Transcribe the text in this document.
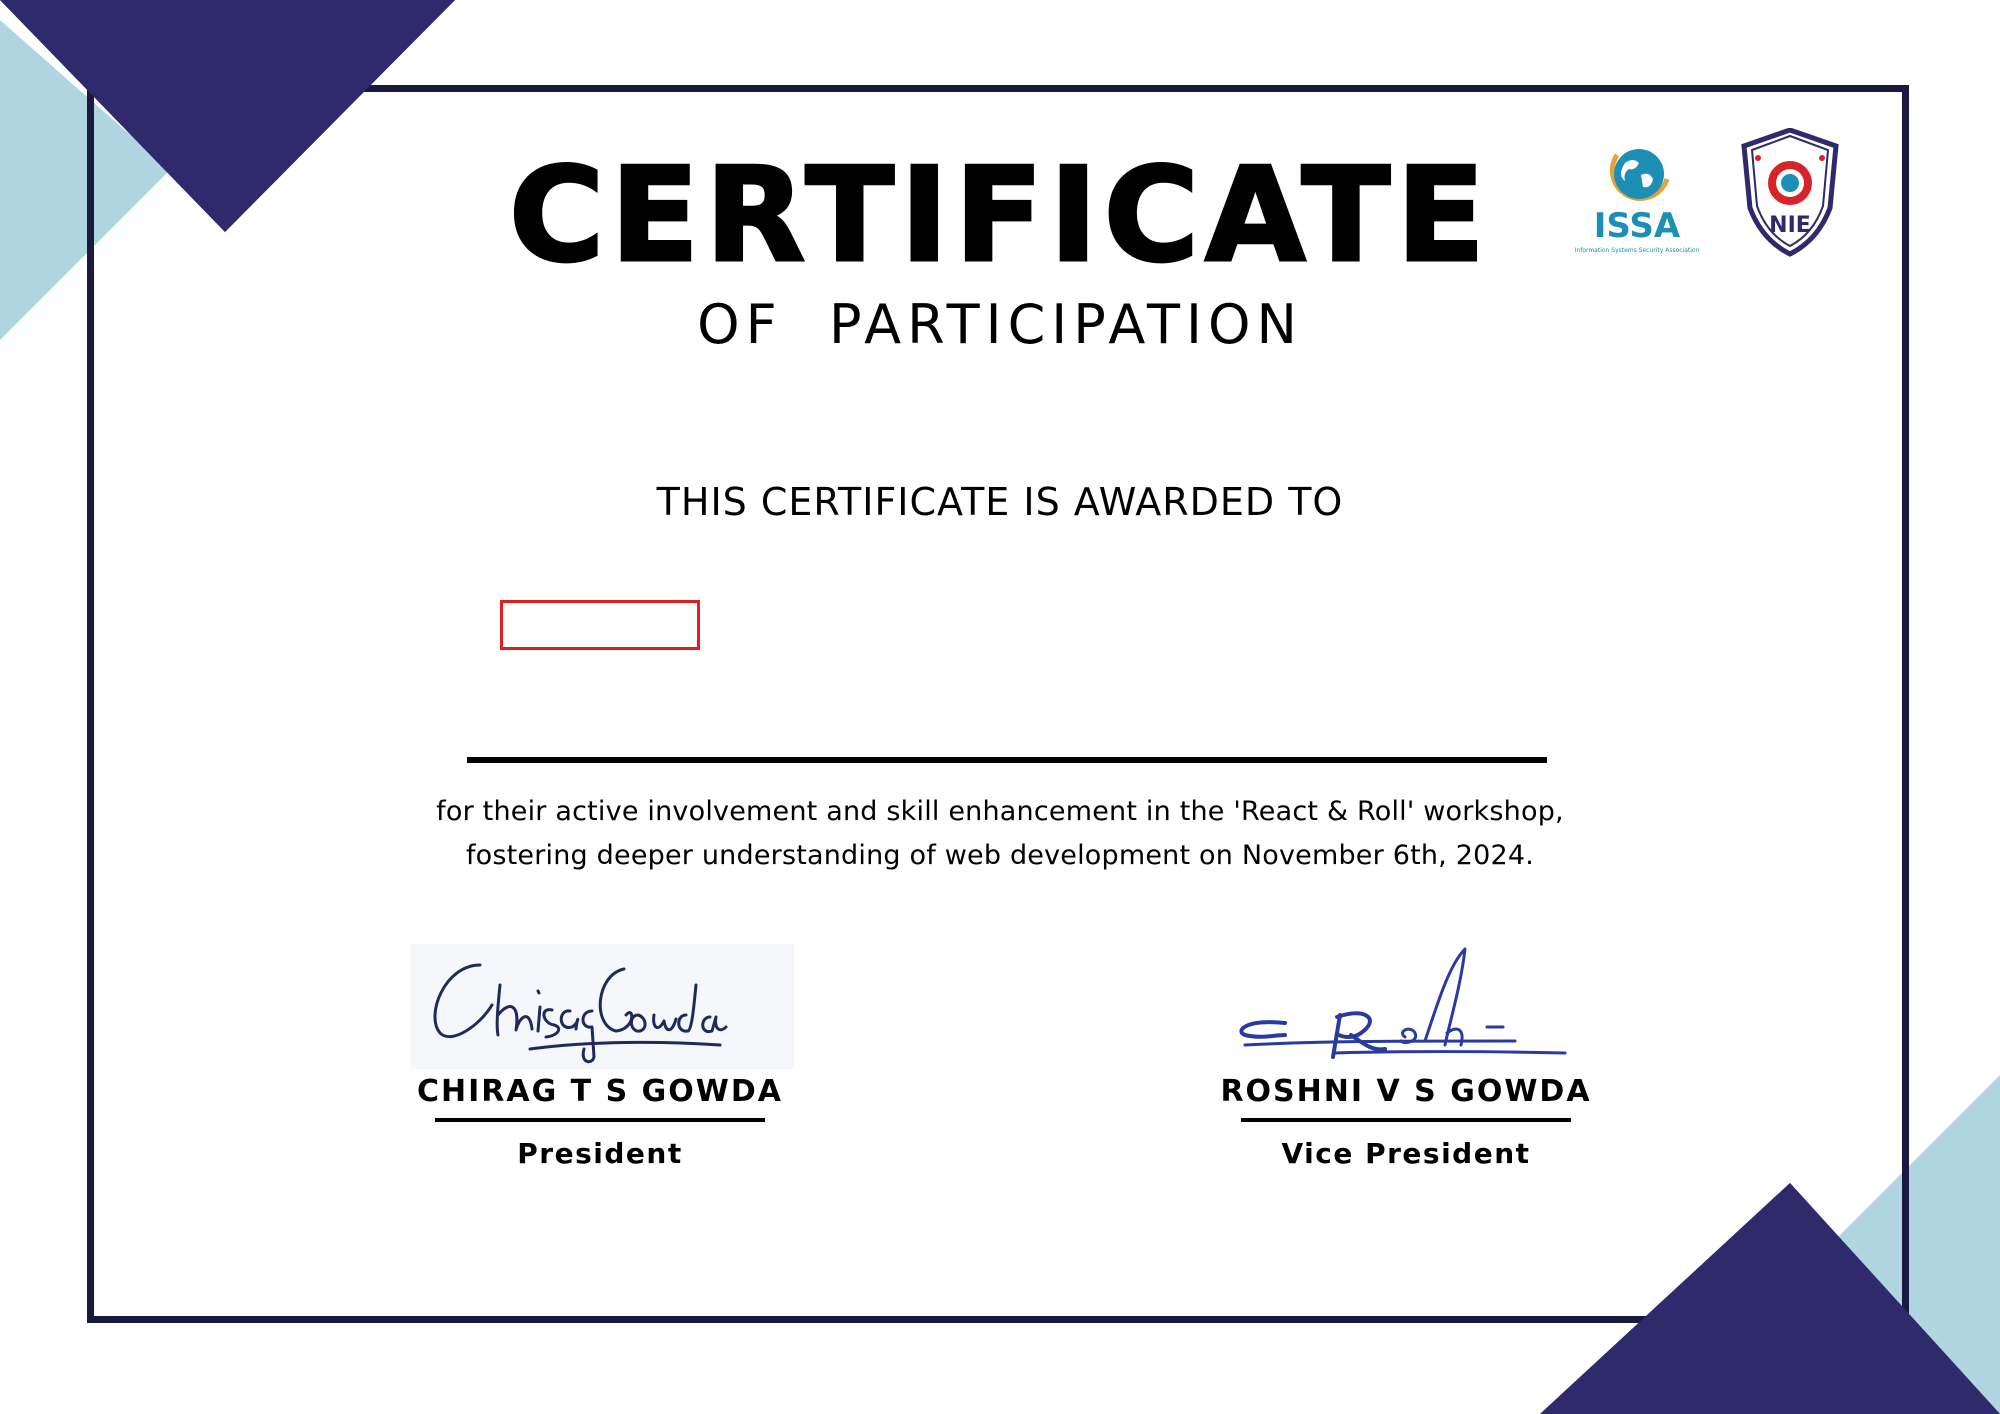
CERTIFICATE
OF  PARTICIPATION
ISSA
Information Systems Security Association
NIE
THIS CERTIFICATE IS AWARDED TO
for their active involvement and skill enhancement in the 'React & Roll' workshop,
fostering deeper understanding of web development on November 6th, 2024.
CHIRAG T S GOWDA
President
ROSHNI V S GOWDA
Vice President
